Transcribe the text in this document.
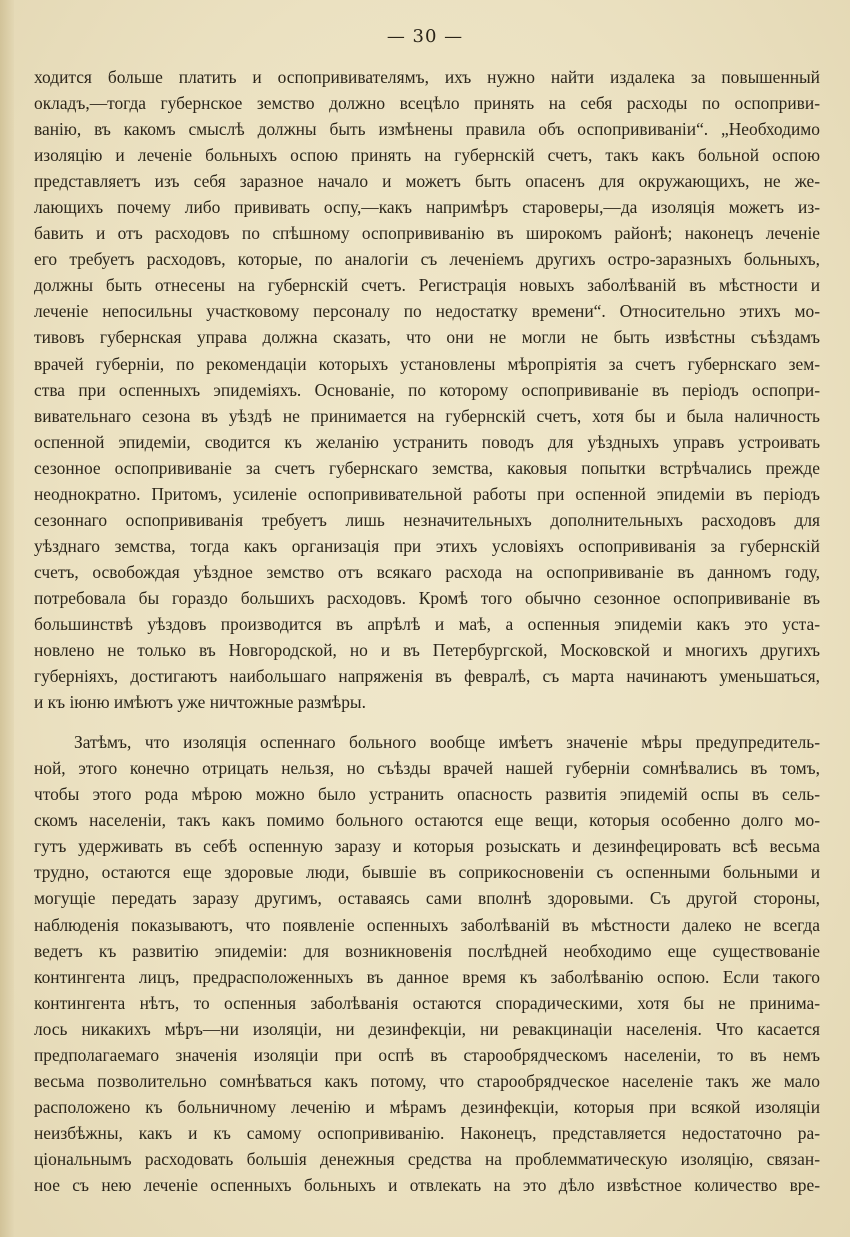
— 30 —
ходится больше платить и оспопрививателямъ, ихъ нужно найти издалека за повышенный
окладъ,—тогда губернское земство должно всецѣло принять на себя расходы по оспоприви-
ванію, въ какомъ смыслѣ должны быть измѣнены правила объ оспопрививаніи“. „Необходимо
изоляцію и леченіе больныхъ оспою принять на губернскій счетъ, такъ какъ больной оспою
представляетъ изъ себя заразное начало и можетъ быть опасенъ для окружающихъ, не же-
лающихъ почему либо прививать оспу,—какъ напримѣръ староверы,—да изоляція можетъ из-
бавить и отъ расходовъ по спѣшному оспопрививанію въ широкомъ районѣ; наконецъ леченіе
его требуетъ расходовъ, которые, по аналогіи съ леченіемъ другихъ остро-заразныхъ больныхъ,
должны быть отнесены на губернскій счетъ. Регистрація новыхъ заболѣваній въ мѣстности и
леченіе непосильны участковому персоналу по недостатку времени“. Относительно этихъ мо-
тивовъ губернская управа должна сказать, что они не могли не быть извѣстны съѣздамъ
врачей губерніи, по рекомендаціи которыхъ установлены мѣропріятія за счетъ губернскаго зем-
ства при оспенныхъ эпидеміяхъ. Основаніе, по которому оспопрививаніе въ періодъ оспопри-
вивательнаго сезона въ уѣздѣ не принимается на губернскій счетъ, хотя бы и была наличность
оспенной эпидеміи, сводится къ желанію устранить поводъ для уѣздныхъ управъ устроивать
сезонное оспопрививаніе за счетъ губернскаго земства, каковыя попытки встрѣчались прежде
неоднократно. Притомъ, усиленіе оспопрививательной работы при оспенной эпидеміи въ періодъ
сезоннаго оспопрививанія требуетъ лишь незначительныхъ дополнительныхъ расходовъ для
уѣзднаго земства, тогда какъ организація при этихъ условіяхъ оспопрививанія за губернскій
счетъ, освобождая уѣздное земство отъ всякаго расхода на оспопрививаніе въ данномъ году,
потребовала бы гораздо большихъ расходовъ. Кромѣ того обычно сезонное оспопрививаніе въ
большинствѣ уѣздовъ производится въ апрѣлѣ и маѣ, а оспенныя эпидеміи какъ это уста-
новлено не только въ Новгородской, но и въ Петербургской, Московской и многихъ другихъ
губерніяхъ, достигаютъ наибольшаго напряженія въ февралѣ, съ марта начинаютъ уменьшаться,
и къ іюню имѣютъ уже ничтожные размѣры.
Затѣмъ, что изоляція оспеннаго больного вообще имѣетъ значеніе мѣры предупредитель-
ной, этого конечно отрицать нельзя, но съѣзды врачей нашей губерніи сомнѣвались въ томъ,
чтобы этого рода мѣрою можно было устранить опасность развитія эпидемій оспы въ сель-
скомъ населеніи, такъ какъ помимо больного остаются еще вещи, которыя особенно долго мо-
гутъ удерживать въ себѣ оспенную заразу и которыя розыскать и дезинфецировать всѣ весьма
трудно, остаются еще здоровые люди, бывшіе въ соприкосновеніи съ оспенными больными и
могущіе передать заразу другимъ, оставаясь сами вполнѣ здоровыми. Съ другой стороны,
наблюденія показываютъ, что появленіе оспенныхъ заболѣваній въ мѣстности далеко не всегда
ведетъ къ развитію эпидеміи: для возникновенія послѣдней необходимо еще существованіе
контингента лицъ, предрасположенныхъ въ данное время къ заболѣванію оспою. Если такого
контингента нѣтъ, то оспенныя заболѣванія остаются спорадическими, хотя бы не принима-
лось никакихъ мѣръ—ни изоляціи, ни дезинфекціи, ни ревакцинаціи населенія. Что касается
предполагаемаго значенія изоляціи при оспѣ въ старообрядческомъ населеніи, то въ немъ
весьма позволительно сомнѣваться какъ потому, что старообрядческое населеніе такъ же мало
расположено къ больничному леченію и мѣрамъ дезинфекціи, которыя при всякой изоляціи
неизбѣжны, какъ и къ самому оспопрививанію. Наконецъ, представляется недостаточно ра-
ціональнымъ расходовать большія денежныя средства на проблемматическую изоляцію, связан-
ное съ нею леченіе оспенныхъ больныхъ и отвлекать на это дѣло извѣстное количество вре-
